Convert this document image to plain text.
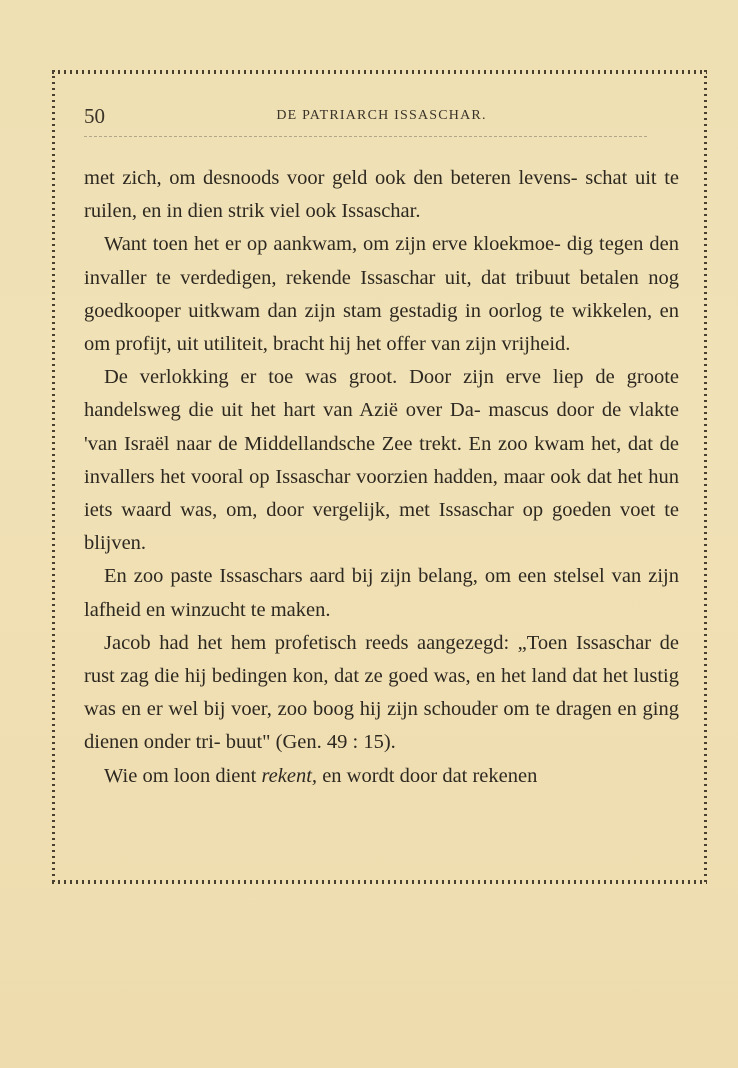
50	DE PATRIARCH ISSASCHAR.

met zich, om desnoods voor geld ook den beteren levens- schat uit te ruilen, en in dien strik viel ook Issaschar.

Want toen het er op aankwam, om zijn erve kloekmoe- dig tegen den invaller te verdedigen, rekende Issaschar uit, dat tribuut betalen nog goedkooper uitkwam dan zijn stam gestadig in oorlog te wikkelen, en om profijt, uit utiliteit, bracht hij het offer van zijn vrijheid.

De verlokking er toe was groot. Door zijn erve liep de groote handelsweg die uit het hart van Azië over Da- mascus door de vlakte 'van Israël naar de Middellandsche Zee trekt. En zoo kwam het, dat de invallers het vooral op Issaschar voorzien hadden, maar ook dat het hun iets waard was, om, door vergelijk, met Issaschar op goeden voet te blijven.

En zoo paste Issaschars aard bij zijn belang, om een stelsel van zijn lafheid en winzucht te maken.

Jacob had het hem profetisch reeds aangezegd: „Toen Issaschar de rust zag die hij bedingen kon, dat ze goed was, en het land dat het lustig was en er wel bij voer, zoo boog hij zijn schouder om te dragen en ging dienen onder tri- buut" (Gen. 49 : 15).

Wie om loon dient rekent, en wordt door dat rekenen
